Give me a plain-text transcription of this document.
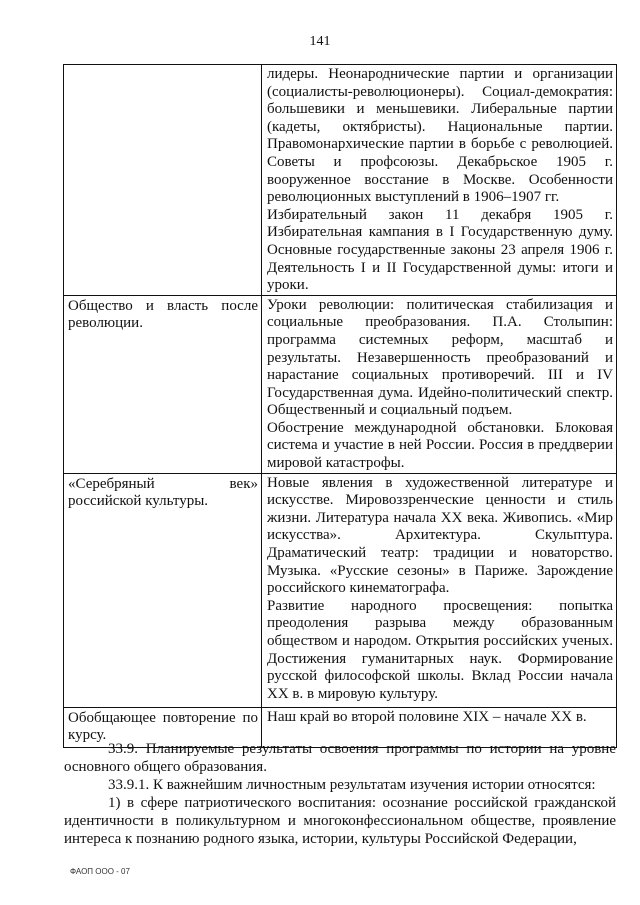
141

	лидеры. Неонароднические партии и организации (социалисты-революционеры). Социал-демократия: большевики и меньшевики. Либеральные партии (кадеты, октябристы). Национальные партии. Правомонархические партии в борьбе с революцией. Советы и профсоюзы. Декабрьское 1905 г. вооруженное восстание в Москве. Особенности революционных выступлений в 1906–1907 гг.
Избирательный закон 11 декабря 1905 г. Избирательная кампания в I Государственную думу. Основные государственные законы 23 апреля 1906 г. Деятельность I и II Государственной думы: итоги и уроки.

Общество и власть после революции.	Уроки революции: политическая стабилизация и социальные преобразования. П.А. Столыпин: программа системных реформ, масштаб и результаты. Незавершенность преобразований и нарастание социальных противоречий. III и IV Государственная дума. Идейно-политический спектр. Общественный и социальный подъем.
Обострение международной обстановки. Блоковая система и участие в ней России. Россия в преддверии мировой катастрофы.

«Серебряный век» российской культуры.	Новые явления в художественной литературе и искусстве. Мировоззренческие ценности и стиль жизни. Литература начала XX века. Живопись. «Мир искусства». Архитектура. Скульптура. Драматический театр: традиции и новаторство. Музыка. «Русские сезоны» в Париже. Зарождение российского кинематографа.
Развитие народного просвещения: попытка преодоления разрыва между образованным обществом и народом. Открытия российских ученых. Достижения гуманитарных наук. Формирование русской философской школы. Вклад России начала XX в. в мировую культуру.

Обобщающее повторение по курсу.	Наш край во второй половине XIX – начале XX в.

33.9. Планируемые результаты освоения программы по истории на уровне основного общего образования.

33.9.1. К важнейшим личностным результатам изучения истории относятся:

1) в сфере патриотического воспитания: осознание российской гражданской идентичности в поликультурном и многоконфессиональном обществе, проявление интереса к познанию родного языка, истории, культуры Российской Федерации,

ФАОП ООО - 07
